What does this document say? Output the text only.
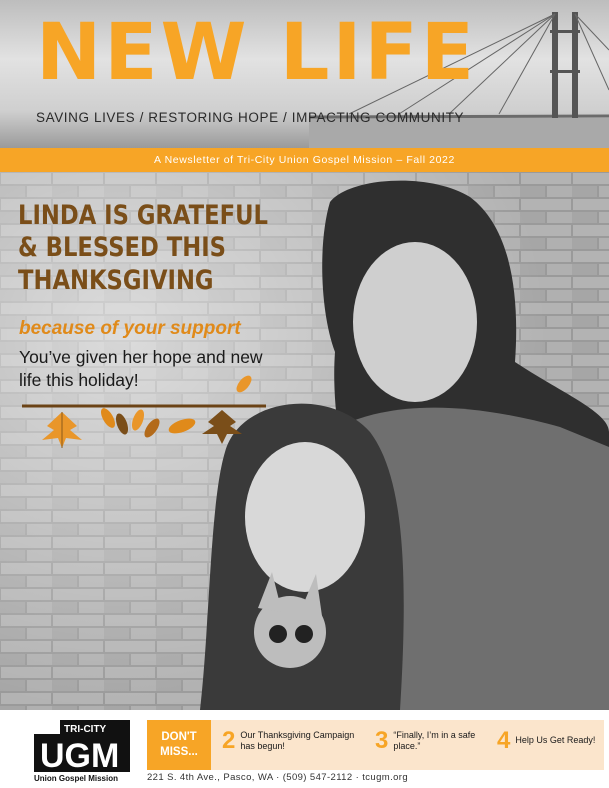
NEW LIFE
SAVING LIVES / RESTORING HOPE / IMPACTING COMMUNITY
A Newsletter of Tri-City Union Gospel Mission – Fall 2022
LINDA IS GRATEFUL
& BLESSED THIS
THANKSGIVING
because of your support
You’ve given her hope and new life this holiday!
TRI-CITY
UGM
Union Gospel Mission
DON'T MISS...	2 Our Thanksgiving Campaign has begun!	3 “Finally, I’m in a safe place.”	4 Help Us Get Ready!
221 S. 4th Ave., Pasco, WA · (509) 547-2112 · tcugm.org
